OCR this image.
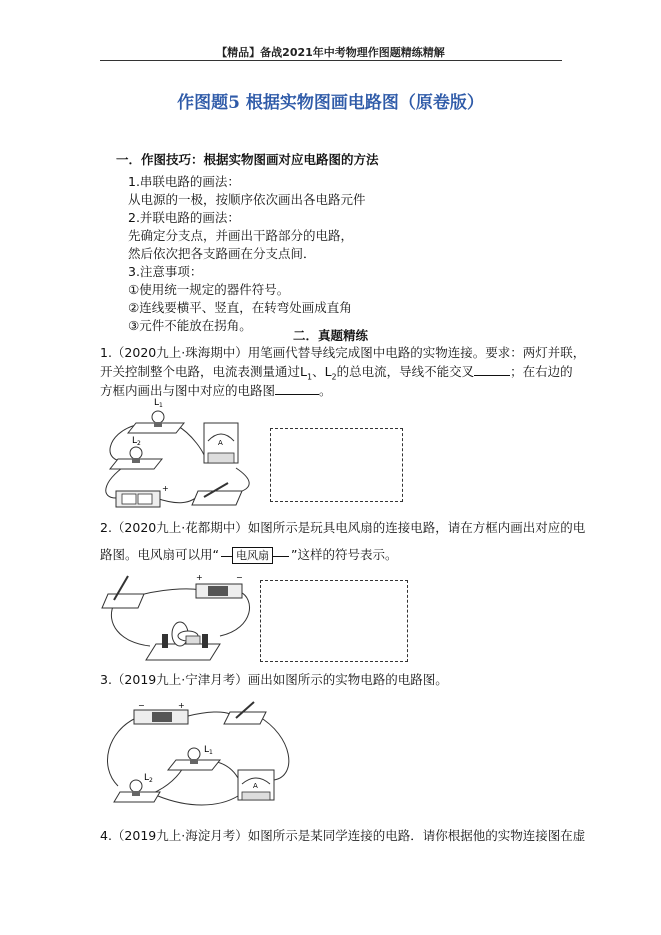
【精品】备战2021年中考物理作图题精练精解
作图题5 根据实物图画电路图（原卷版）
一．作图技巧：根据实物图画对应电路图的方法
1.串联电路的画法：
从电源的一极，按顺序依次画出各电路元件
2.并联电路的画法：
先确定分支点，并画出干路部分的电路，
然后依次把各支路画在分支点间．
3.注意事项：
①使用统一规定的器件符号。
②连线要横平、竖直，在转弯处画成直角
③元件不能放在拐角。
二．真题精练
1.（2020九上·珠海期中）用笔画代替导线完成图中电路的实物连接。要求：两灯并联，
开关控制整个电路，电流表测量通过$L_1$、$L_2$的总电流，导线不能交叉	；在右边的
方框内画出与图中对应的电路图	。
$L_1$
$L_2$	A
+
2.（2020九上·花都期中）如图所示是玩具电风扇的连接电路，请在方框内画出对应的电
路图。电风扇可以用“	电风扇	”这样的符号表示。
+	−
3.（2019九上·宁津月考）画出如图所示的实物电路的电路图。
−	+
$L_1$
$L_2$
A
4.（2019九上·海淀月考）如图所示是某同学连接的电路．请你根据他的实物连接图在虚
